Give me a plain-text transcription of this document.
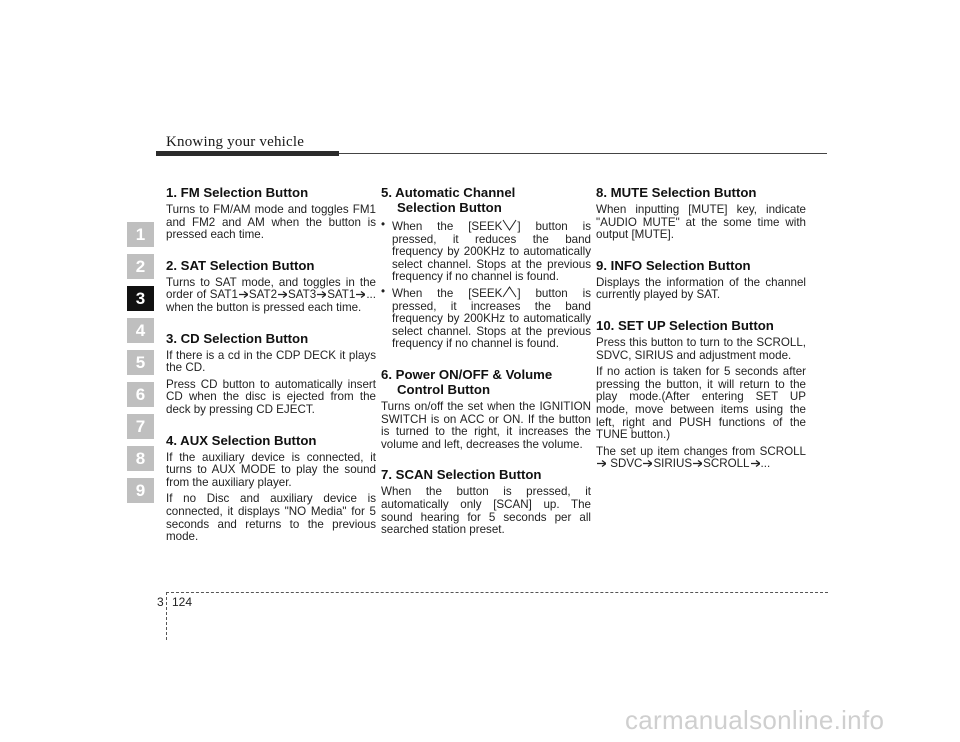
Knowing your vehicle
1
2
3
4
5
6
7
8
9
1. FM Selection Button

Turns to FM/AM mode and toggles FM1 and FM2 and AM when the button is pressed each time.

2. SAT Selection Button

Turns to SAT mode, and toggles in the order of SAT1 SAT2 SAT3 SAT1 ... when the button is pressed each time.

3. CD Selection Button

If there is a cd in the CDP DECK it plays the CD.

Press CD button to automatically insert CD when the disc is ejected from the deck by pressing CD EJECT.

4. AUX Selection Button

If the auxiliary device is connected, it turns to AUX MODE to play the sound from the auxiliary player.

If no Disc and auxiliary device is connected, it displays "NO Media" for 5 seconds and returns to the previous mode.

5. Automatic Channel
Selection Button
• When the [SEEK ] button is pressed, it reduces the band frequency by 200KHz to automatically select channel. Stops at the previous frequency if no channel is found.
• When the [SEEK ] button is pressed, it increases the band frequency by 200KHz to automatically select channel. Stops at the previous frequency if no channel is found.
6. Power ON/OFF & Volume
Control Button

Turns on/off the set when the IGNITION SWITCH is on ACC or ON. If the button is turned to the right, it increases the volume and left, decreases the volume.

7. SCAN Selection Button

When the button is pressed, it automatically only [SCAN] up. The sound hearing for 5 seconds per all searched station preset.

8. MUTE Selection Button

When inputting [MUTE] key, indicate "AUDIO MUTE" at the some time with output [MUTE].

9. INFO Selection Button

Displays the information of the channel currently played by SAT.

10. SET UP Selection Button

Press this button to turn to the SCROLL, SDVC, SIRIUS and adjustment mode.

If no action is taken for 5 seconds after pressing the button, it will return to the play mode.(After entering SET UP mode, move between items using the left, right and PUSH functions of the TUNE button.)

The set up item changes from SCROLL SDVC SIRIUS SCROLL ...

3 124
carmanualsonline.info
